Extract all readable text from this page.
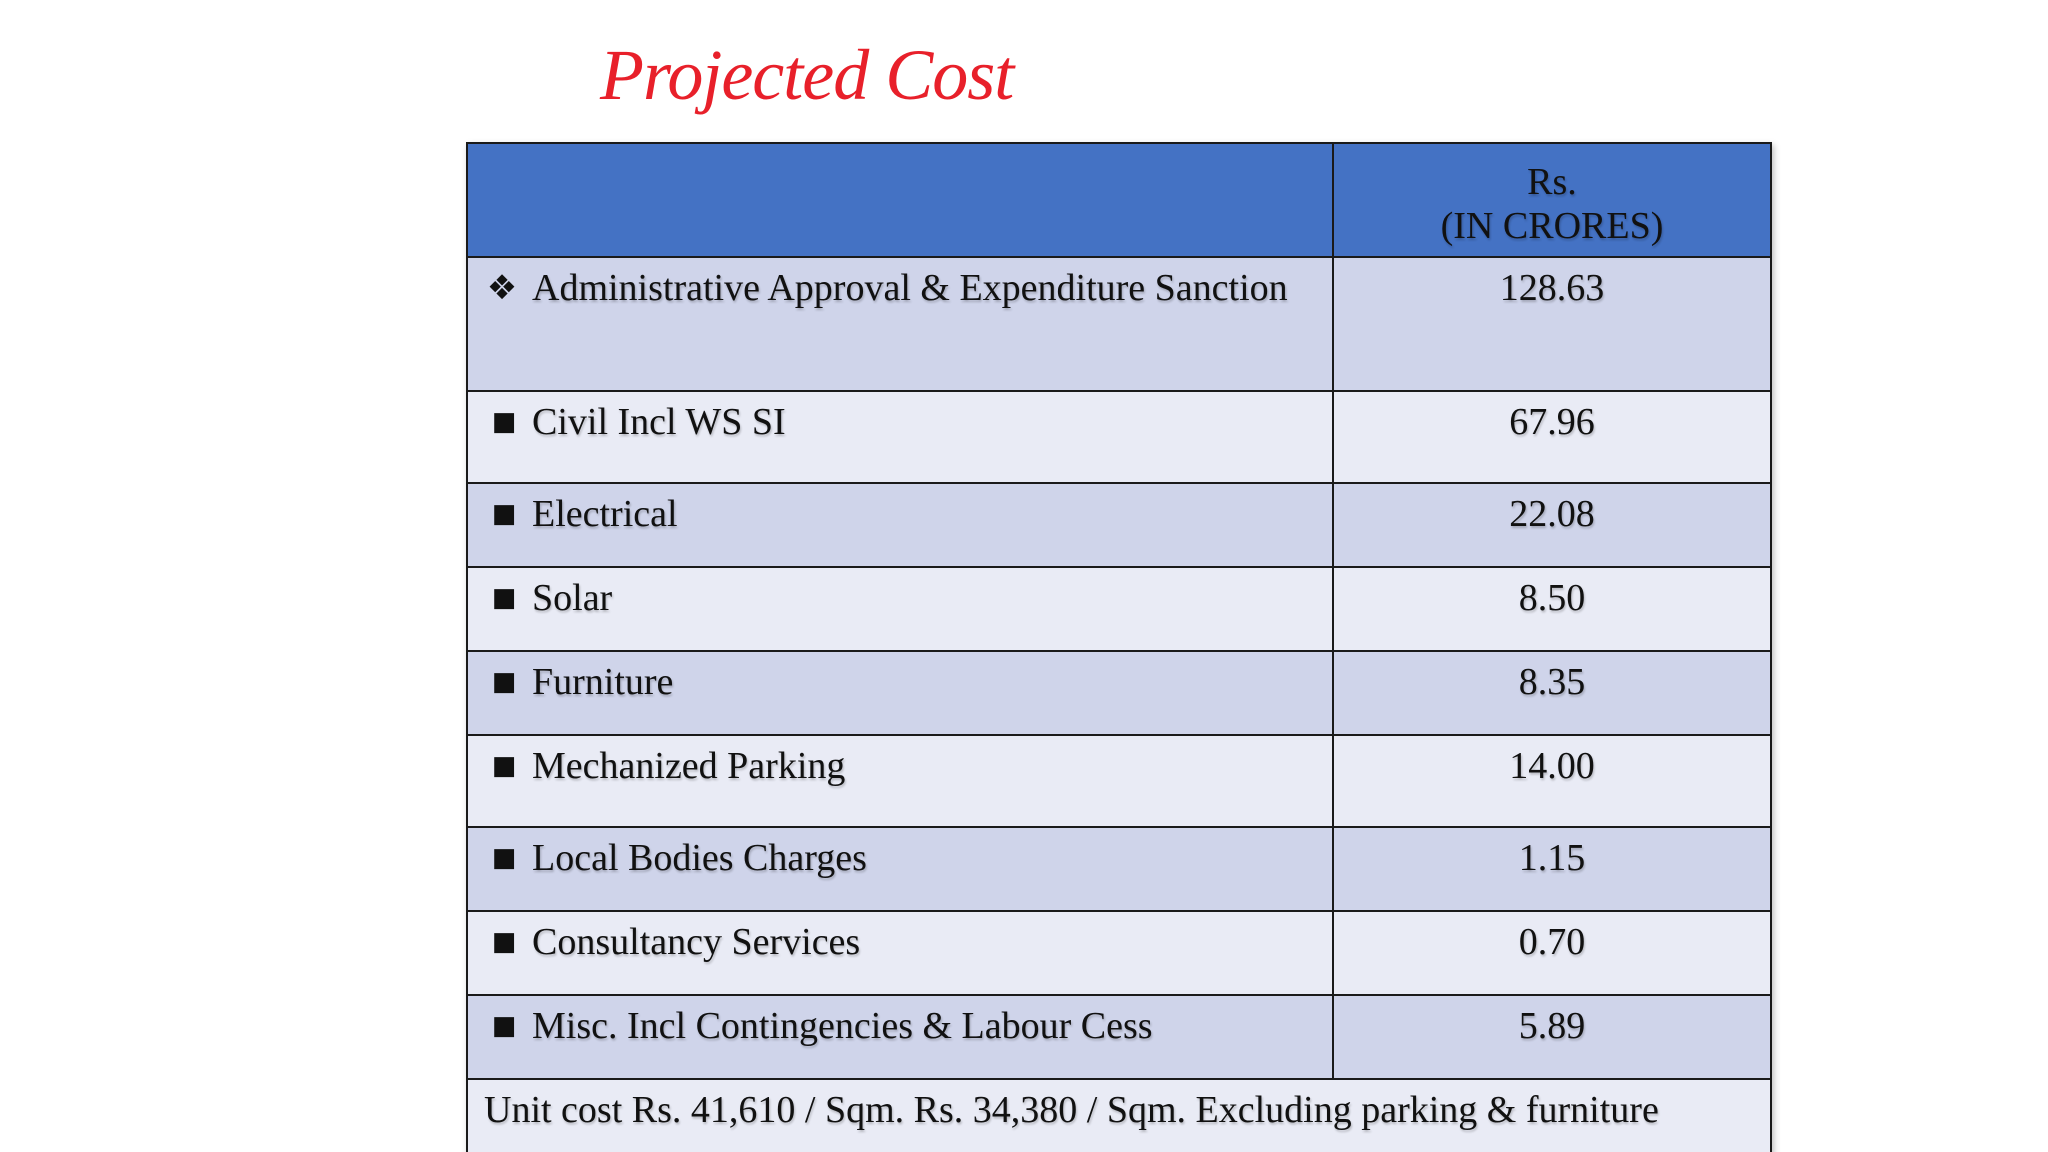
Projected Cost

	Rs.
(IN CRORES)

❖ Administrative Approval & Expenditure Sanction	128.63

■ Civil Incl WS SI	67.96

■ Electrical	22.08

■ Solar	8.50

■ Furniture	8.35

■ Mechanized Parking	14.00

■ Local Bodies Charges	1.15

■ Consultancy Services	0.70

■ Misc. Incl Contingencies & Labour Cess	5.89
Unit cost Rs. 41,610 / Sqm. Rs. 34,380 / Sqm. Excluding parking & furniture	
